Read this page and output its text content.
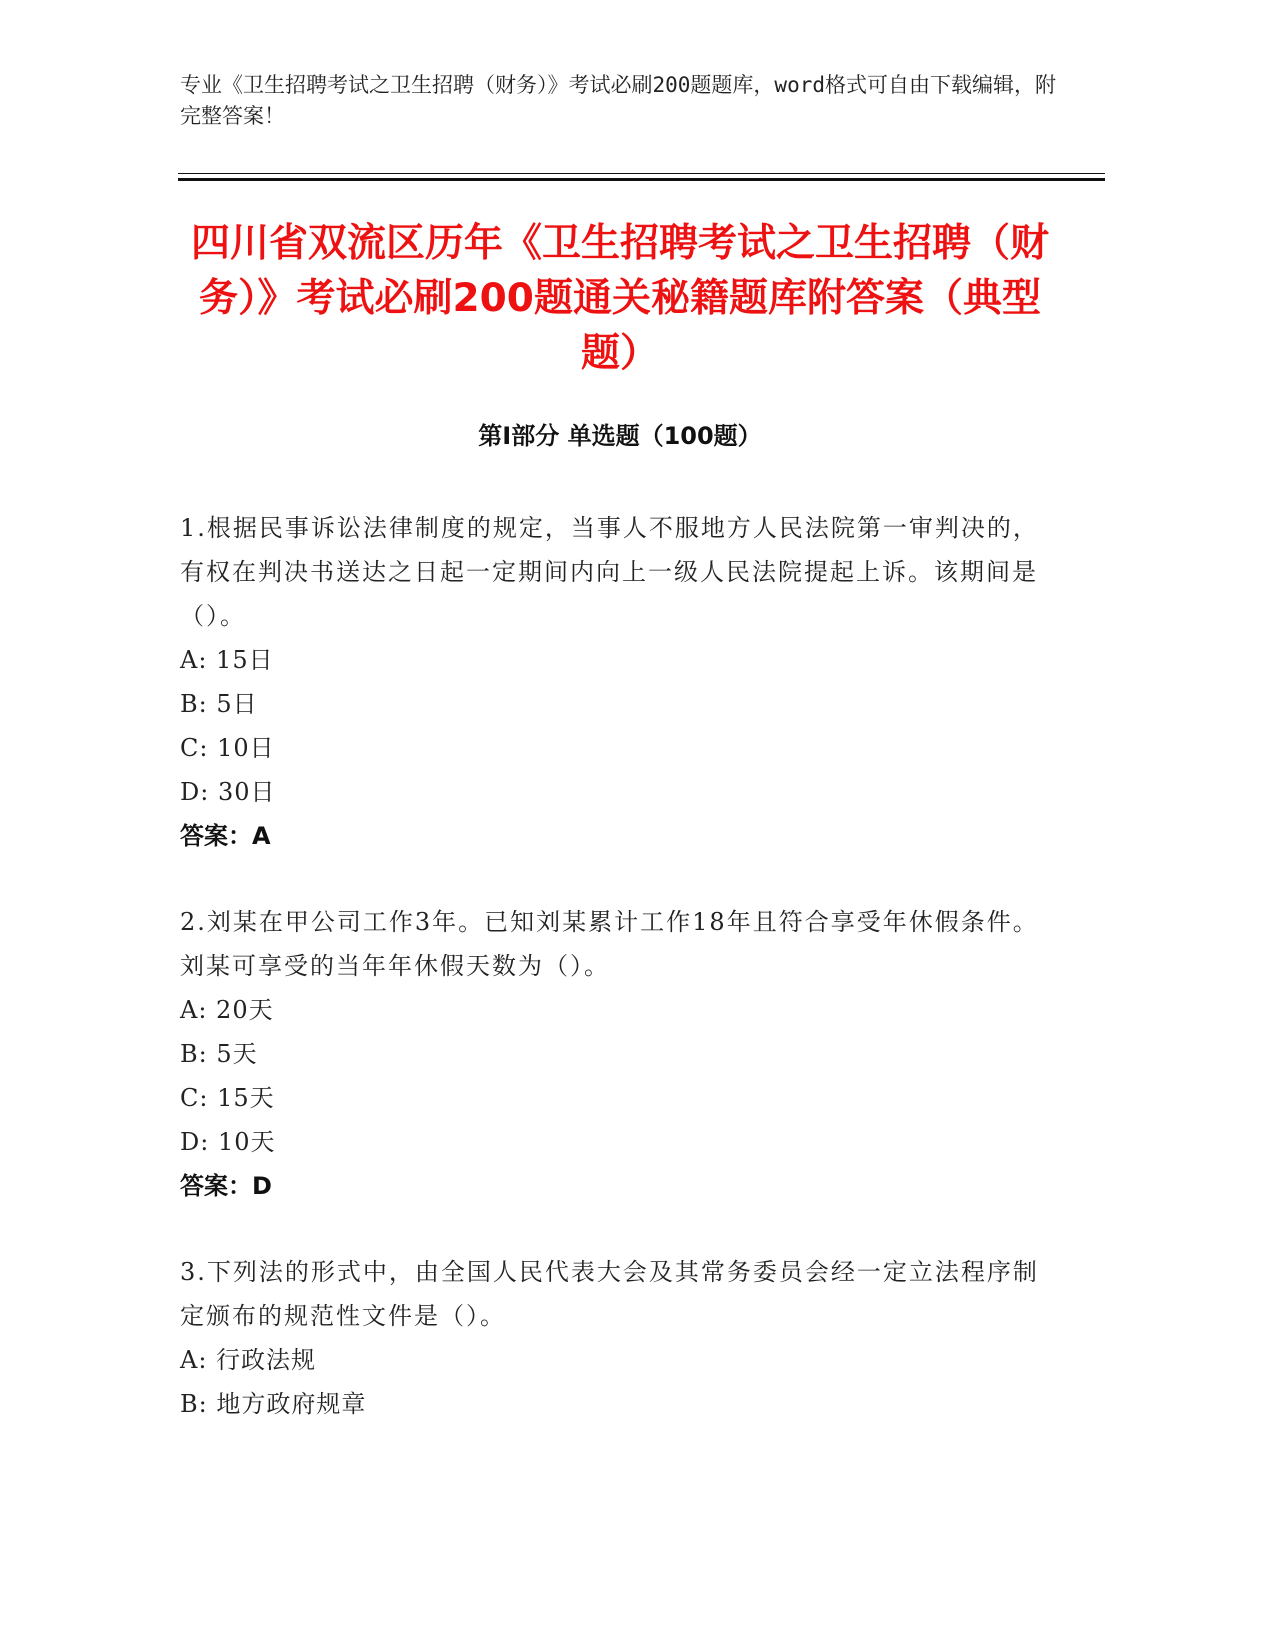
专业《卫生招聘考试之卫生招聘（财务）》考试必刷200题题库，word格式可自由下载编辑，附完整答案！
四川省双流区历年《卫生招聘考试之卫生招聘（财务）》考试必刷200题通关秘籍题库附答案（典型题）
第I部分 单选题（100题）

1.根据民事诉讼法律制度的规定，当事人不服地方人民法院第一审判决的，有权在判决书送达之日起一定期间内向上一级人民法院提起上诉。该期间是（）。

A: 15日

B: 5日

C: 10日

D: 30日

答案：A

2.刘某在甲公司工作3年。已知刘某累计工作18年且符合享受年休假条件。刘某可享受的当年年休假天数为（）。

A: 20天

B: 5天

C: 15天

D: 10天

答案：D

3.下列法的形式中，由全国人民代表大会及其常务委员会经一定立法程序制定颁布的规范性文件是（）。

A: 行政法规

B: 地方政府规章
